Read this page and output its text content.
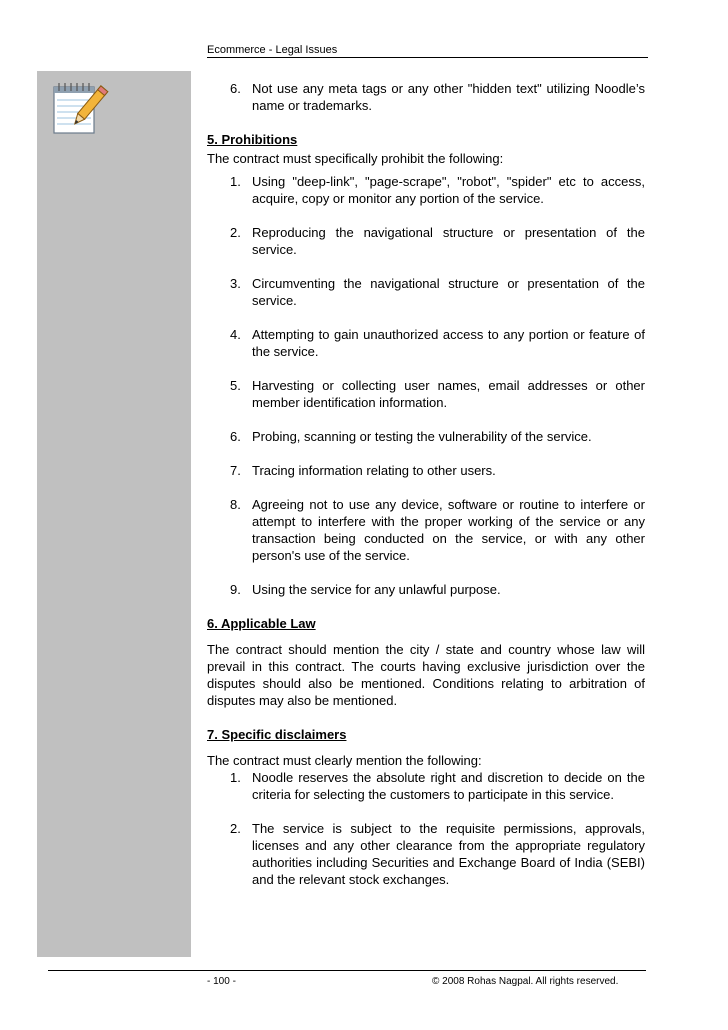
Ecommerce - Legal Issues
6. Not use any meta tags or any other "hidden text" utilizing Noodle’s name or trademarks.
5. Prohibitions

The contract must specifically prohibit the following:

1. Using "deep-link", "page-scrape", "robot", "spider" etc to access, acquire, copy or monitor any portion of the service.
2. Reproducing the navigational structure or presentation of the service.
3. Circumventing the navigational structure or presentation of the service.
4. Attempting to gain unauthorized access to any portion or feature of the service.
5. Harvesting or collecting user names, email addresses or other member identification information.
6. Probing, scanning or testing the vulnerability of the service.
7. Tracing information relating to other users.
8. Agreeing not to use any device, software or routine to interfere or attempt to interfere with the proper working of the service or any transaction being conducted on the service, or with any other person's use of the service.
9. Using the service for any unlawful purpose.
6. Applicable Law

The contract should mention the city / state and country whose law will prevail in this contract. The courts having exclusive jurisdiction over the disputes should also be mentioned. Conditions relating to arbitration of disputes may also be mentioned.

7. Specific disclaimers

The contract must clearly mention the following:

1. Noodle reserves the absolute right and discretion to decide on the criteria for selecting the customers to participate in this service.
2. The service is subject to the requisite permissions, approvals, licenses and any other clearance from the appropriate regulatory authorities including Securities and Exchange Board of India (SEBI) and the relevant stock exchanges.
- 100 -	© 2008 Rohas Nagpal. All rights reserved.
